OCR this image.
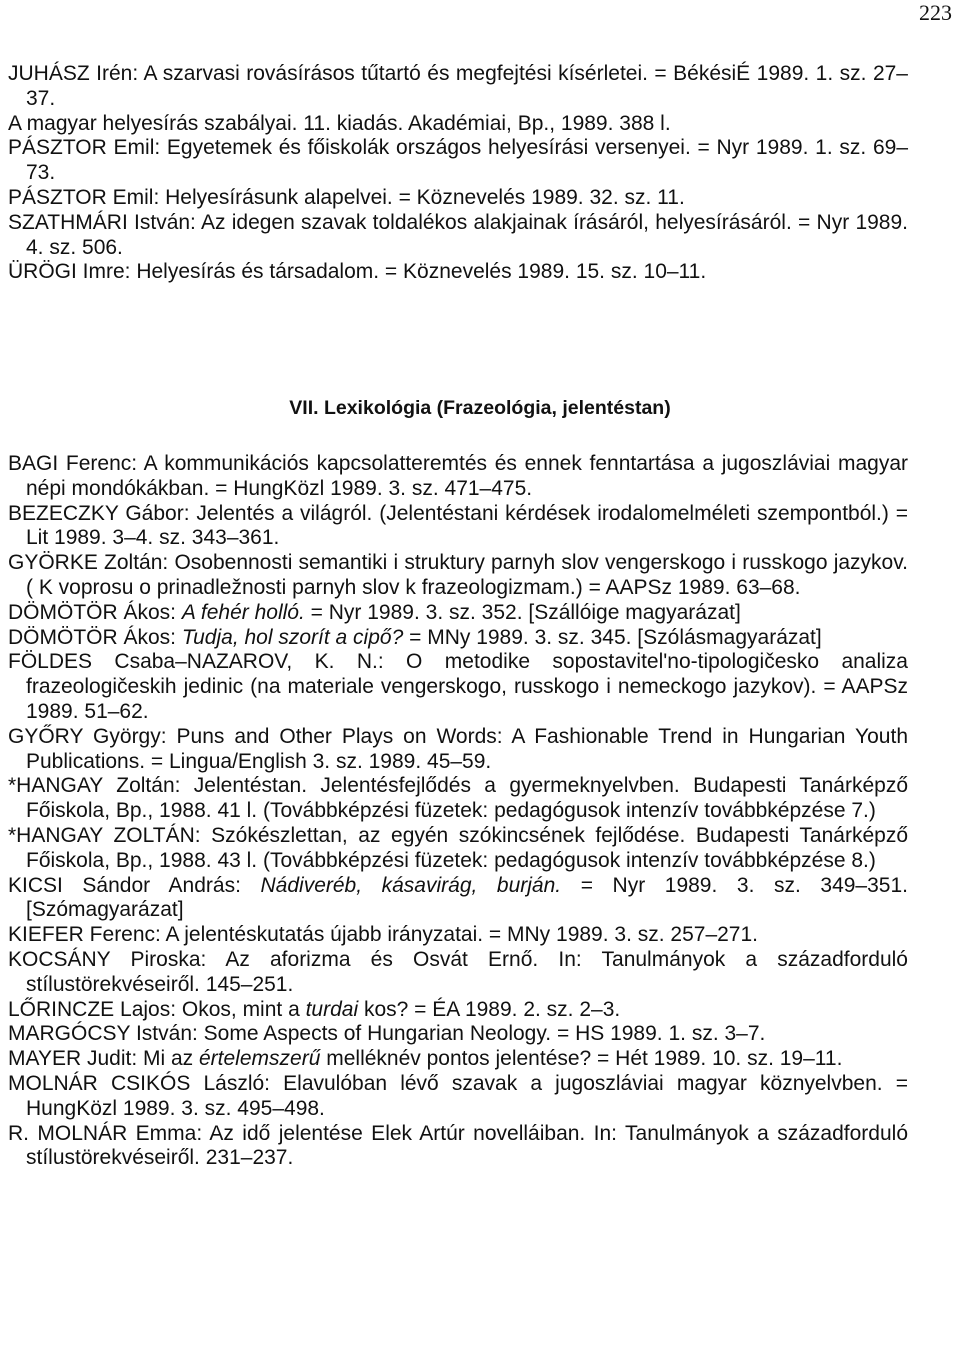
223

JUHÁSZ Irén: A szarvasi rovásírásos tűtartó és megfejtési kísérletei. = BékésiÉ 1989. 1. sz. 27–37.

A magyar helyesírás szabályai. 11. kiadás. Akadémiai, Bp., 1989. 388 l.

PÁSZTOR Emil: Egyetemek és főiskolák országos helyesírási versenyei. = Nyr 1989. 1. sz. 69–73.

PÁSZTOR Emil: Helyesírásunk alapelvei. = Köznevelés 1989. 32. sz. 11.

SZATHMÁRI István: Az idegen szavak toldalékos alakjainak írásáról, helyesírásáról. = Nyr 1989. 4. sz. 506.

ÜRÖGI Imre: Helyesírás és társadalom. = Köznevelés 1989. 15. sz. 10–11.

VII. Lexikológia (Frazeológia, jelentéstan)

BAGI Ferenc: A kommunikációs kapcsolatteremtés és ennek fenntartása a jugoszláviai magyar népi mondókákban. = HungKözl 1989. 3. sz. 471–475.

BEZECZKY Gábor: Jelentés a világról. (Jelentéstani kérdések irodalomelméleti szempontból.) = Lit 1989. 3–4. sz. 343–361.

GYÖRKE Zoltán: Osobennosti semantiki i struktury parnyh slov vengerskogo i russkogo jazykov. ( K voprosu o prinadležnosti parnyh slov k frazeologizmam.) = AAPSz 1989. 63–68.

DÖMÖTÖR Ákos: A fehér holló. = Nyr 1989. 3. sz. 352. [Szállóige magyarázat]

DÖMÖTÖR Ákos: Tudja, hol szorít a cipő? = MNy 1989. 3. sz. 345. [Szólásmagyarázat]

FÖLDES Csaba–NAZAROV, K. N.: O metodike sopostavitel'no-tipologičesko analiza frazeologičeskih jedinic (na materiale vengerskogo, russkogo i nemeckogo jazykov). = AAPSz 1989. 51–62.

GYŐRY György: Puns and Other Plays on Words: A Fashionable Trend in Hungarian Youth Publications. = Lingua/English 3. sz. 1989. 45–59.

*HANGAY Zoltán: Jelentéstan. Jelentésfejlődés a gyermeknyelvben. Budapesti Tanárképző Főiskola, Bp., 1988. 41 l. (Továbbképzési füzetek: pedagógusok intenzív továbbképzése 7.)

*HANGAY ZOLTÁN: Szókészlettan, az egyén szókincsének fejlődése. Budapesti Tanárképző Főiskola, Bp., 1988. 43 l. (Továbbképzési füzetek: pedagógusok intenzív továbbképzése 8.)

KICSI Sándor András: Nádiveréb, kásavirág, burján. = Nyr 1989. 3. sz. 349–351. [Szómagyarázat]

KIEFER Ferenc: A jelentéskutatás újabb irányzatai. = MNy 1989. 3. sz. 257–271.

KOCSÁNY Piroska: Az aforizma és Osvát Ernő. In: Tanulmányok a századforduló stílustörekvéseiről. 145–251.

LŐRINCZE Lajos: Okos, mint a turdai kos? = ÉA 1989. 2. sz. 2–3.

MARGÓCSY István: Some Aspects of Hungarian Neology. = HS 1989. 1. sz. 3–7.

MAYER Judit: Mi az értelemszerű melléknév pontos jelentése? = Hét 1989. 10. sz. 19–11.

MOLNÁR CSIKÓS László: Elavulóban lévő szavak a jugoszláviai magyar köznyelvben. = HungKözl 1989. 3. sz. 495–498.

R. MOLNÁR Emma: Az idő jelentése Elek Artúr novelláiban. In: Tanulmányok a századforduló stílustörekvéseiről. 231–237.
